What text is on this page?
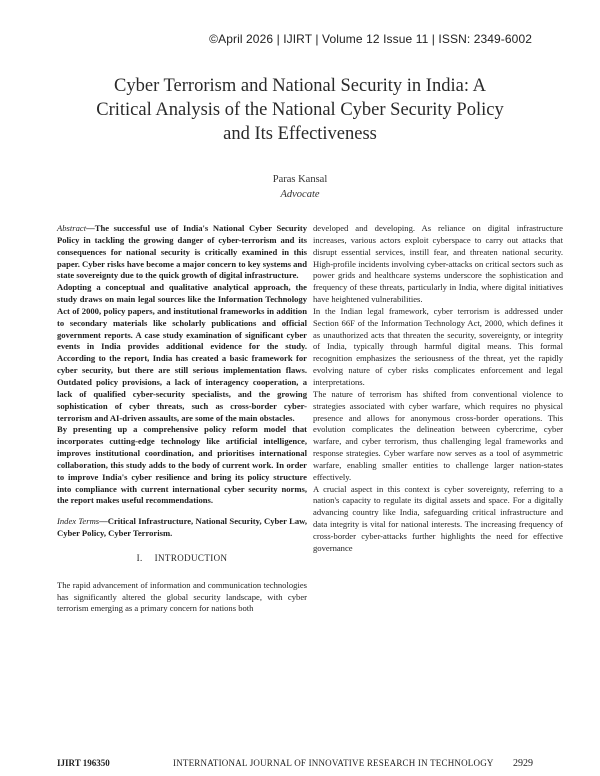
©April 2026 | IJIRT | Volume 12 Issue 11 | ISSN: 2349-6002
Cyber Terrorism and National Security in India: A
Critical Analysis of the National Cyber Security Policy
and Its Effectiveness
Paras Kansal
Advocate

Abstract—The successful use of India's National Cyber Security Policy in tackling the growing danger of cyber-terrorism and its consequences for national security is critically examined in this paper. Cyber risks have become a major concern to key systems and state sovereignty due to the quick growth of digital infrastructure.

Adopting a conceptual and qualitative analytical approach, the study draws on main legal sources like the Information Technology Act of 2000, policy papers, and institutional frameworks in addition to secondary materials like scholarly publications and official government reports. A case study examination of significant cyber events in India provides additional evidence for the study. According to the report, India has created a basic framework for cyber security, but there are still serious implementation flaws. Outdated policy provisions, a lack of interagency cooperation, a lack of qualified cyber-security specialists, and the growing sophistication of cyber threats, such as cross-border cyber- terrorism and AI-driven assaults, are some of the main obstacles.

By presenting up a comprehensive policy reform model that incorporates cutting-edge technology like artificial intelligence, improves institutional coordination, and prioritises international collaboration, this study adds to the body of current work. In order to improve India's cyber resilience and bring its policy structure into compliance with current international cyber security norms, the report makes useful recommendations.

Index Terms—Critical Infrastructure, National Security, Cyber Law, Cyber Policy, Cyber Terrorism.

I. INTRODUCTION

The rapid advancement of information and communication technologies has significantly altered the global security landscape, with cyber terrorism emerging as a primary concern for nations both

developed and developing. As reliance on digital infrastructure increases, various actors exploit cyberspace to carry out attacks that disrupt essential services, instill fear, and threaten national security. High-profile incidents involving cyber-attacks on critical sectors such as power grids and healthcare systems underscore the sophistication and frequency of these threats, particularly in India, where digital initiatives have heightened vulnerabilities.

In the Indian legal framework, cyber terrorism is addressed under Section 66F of the Information Technology Act, 2000, which defines it as unauthorized acts that threaten the security, sovereignty, or integrity of India, typically through harmful digital means. This formal recognition emphasizes the seriousness of the threat, yet the rapidly evolving nature of cyber risks complicates enforcement and legal interpretations.

The nature of terrorism has shifted from conventional violence to strategies associated with cyber warfare, which requires no physical presence and allows for anonymous cross-border operations. This evolution complicates the delineation between cybercrime, cyber warfare, and cyber terrorism, thus challenging legal frameworks and response strategies. Cyber warfare now serves as a tool of asymmetric warfare, enabling smaller entities to challenge larger nation-states effectively.

A crucial aspect in this context is cyber sovereignty, referring to a nation's capacity to regulate its digital assets and space. For a digitally advancing country like India, safeguarding critical infrastructure and data integrity is vital for national interests. The increasing frequency of cross-border cyber-attacks further highlights the need for effective governance

IJIRT 196350	INTERNATIONAL JOURNAL OF INNOVATIVE RESEARCH IN TECHNOLOGY 2929
